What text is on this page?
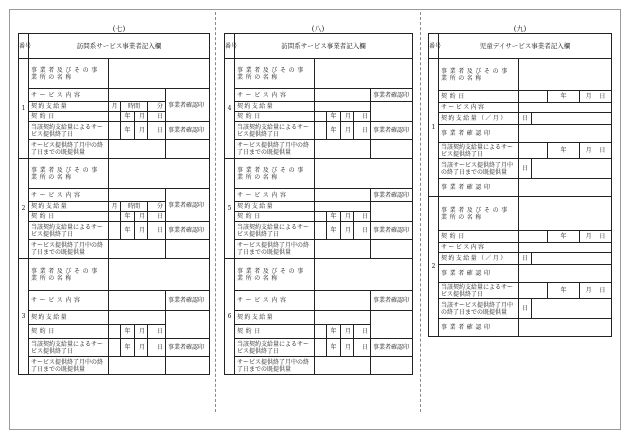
(七)	(八)	(九)
番号	訪問系サービス事業者記入欄					
1	事業者及びその事業所の名称					
	サービス内容					事業者確認印
	契約支給量	月	時間		分	
	契約日		年	月	日	
	当該契約支給量によるサービス提供終了日		年	月	日	事業者確認印
	サービス提供終了月中の終了日までの既提供量					
2	事業者及びその事業所の名称					
	サービス内容					事業者確認印
	契約支給量	月	時間		分	
	契約日		年	月	日	
	当該契約支給量によるサービス提供終了日		年	月	日	事業者確認印
	サービス提供終了月中の終了日までの既提供量					
3	事業者及びその事業所の名称					
	サービス内容					事業者確認印
	契約支給量					
	契約日		年	月	日	
	当該契約支給量によるサービス提供終了日		年	月	日	事業者確認印
	サービス提供終了月中の終了日までの既提供量					
番号	訪問系サービス事業者記入欄					
4	事業者及びその事業所の名称					
	サービス内容					事業者確認印
	契約支給量					
	契約日		年	月	日	
	当該契約支給量によるサービス提供終了日		年	月	日	事業者確認印
	サービス提供終了月中の終了日までの既提供量					
5	事業者及びその事業所の名称					
	サービス内容					事業者確認印
	契約支給量					
	契約日		年	月	日	
	当該契約支給量によるサービス提供終了日		年	月	日	事業者確認印
	サービス提供終了月中の終了日までの既提供量					
6	事業者及びその事業所の名称					
	サービス内容					事業者確認印
	契約支給量					
	契約日		年	月	日	
	当該契約支給量によるサービス提供終了日		年	月	日	事業者確認印
	サービス提供終了月中の終了日までの既提供量					
番号	児童デイサービス事業者記入欄				
1	事業者及びその事業所の名称				
	契約日			年	月 日
	サービス内容				
	契約支給量（／月）	日			
	事業者確認印				
	当該契約支給量によるサービス提供終了日			年	月 日
	当該サービス提供終了月中の終了日までの既提供量	日			
	事業者確認印				
2	事業者及びその事業所の名称				
	契約日			年	月 日
	サービス内容				
	契約支給量（／月）	日			
	事業者確認印				
	当該契約支給量によるサービス提供終了日			年	月 日
	当該サービス提供終了月中の終了日までの既提供量	日			
	事業者確認印				
